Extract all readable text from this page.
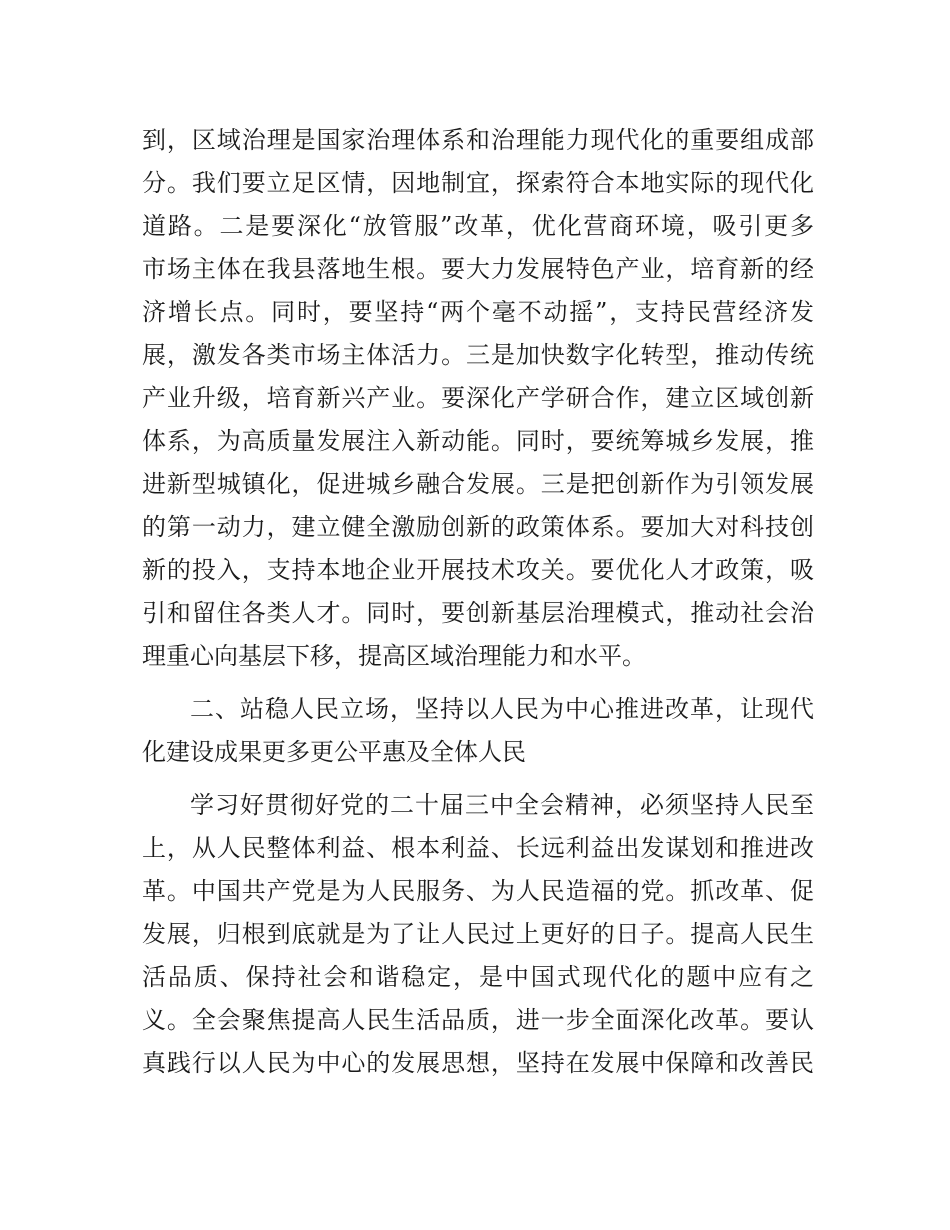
到，区域治理是国家治理体系和治理能力现代化的重要组成部
分。我们要立足区情，因地制宜，探索符合本地实际的现代化
道路。二是要深化“放管服”改革，优化营商环境，吸引更多
市场主体在我县落地生根。要大力发展特色产业，培育新的经
济增长点。同时，要坚持“两个毫不动摇”，支持民营经济发
展，激发各类市场主体活力。三是加快数字化转型，推动传统
产业升级，培育新兴产业。要深化产学研合作，建立区域创新
体系，为高质量发展注入新动能。同时，要统筹城乡发展，推
进新型城镇化，促进城乡融合发展。三是把创新作为引领发展
的第一动力，建立健全激励创新的政策体系。要加大对科技创
新的投入，支持本地企业开展技术攻关。要优化人才政策，吸
引和留住各类人才。同时，要创新基层治理模式，推动社会治
理重心向基层下移，提高区域治理能力和水平。
二、站稳人民立场，坚持以人民为中心推进改革，让现代
化建设成果更多更公平惠及全体人民
学习好贯彻好党的二十届三中全会精神，必须坚持人民至
上，从人民整体利益、根本利益、长远利益出发谋划和推进改
革。中国共产党是为人民服务、为人民造福的党。抓改革、促
发展，归根到底就是为了让人民过上更好的日子。提高人民生
活品质、保持社会和谐稳定，是中国式现代化的题中应有之
义。全会聚焦提高人民生活品质，进一步全面深化改革。要认
真践行以人民为中心的发展思想，坚持在发展中保障和改善民
